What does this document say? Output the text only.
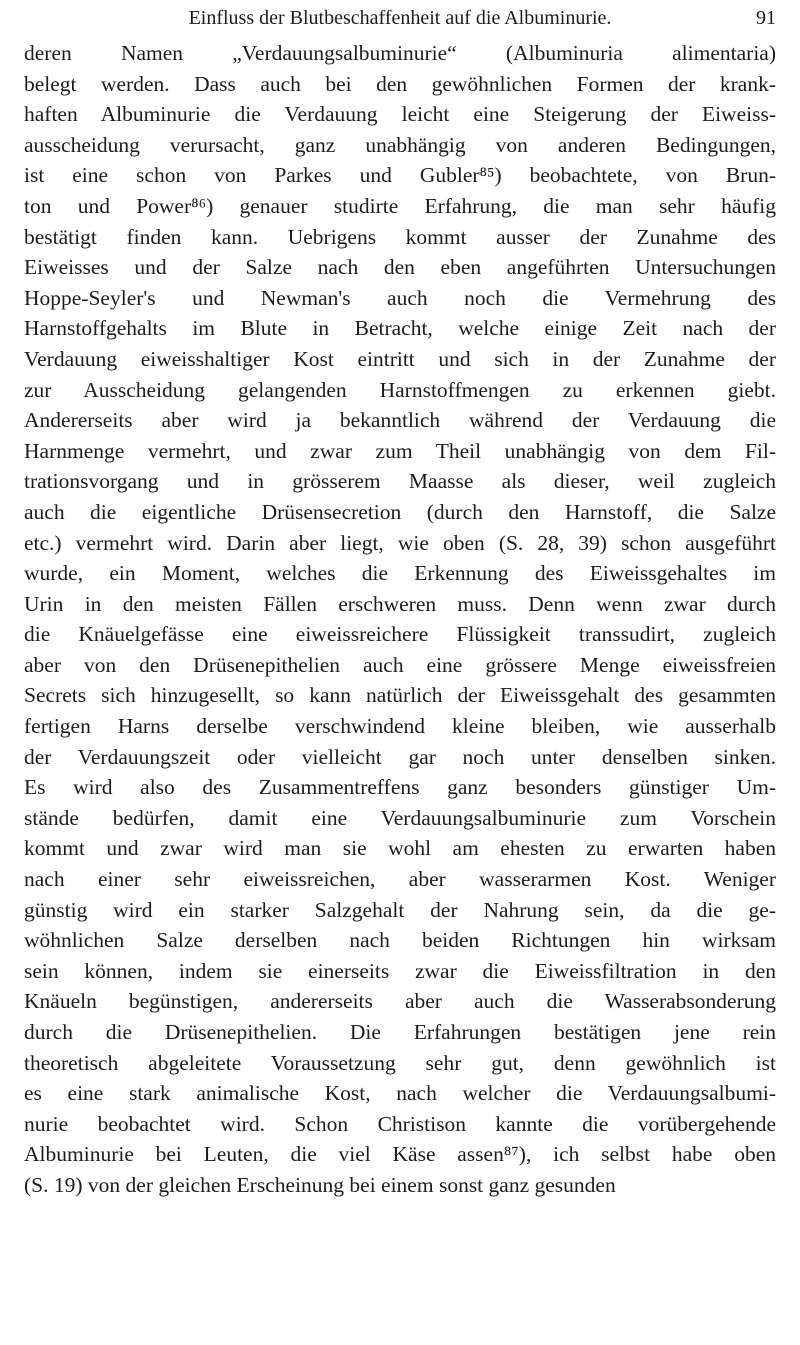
Einfluss der Blutbeschaffenheit auf die Albuminurie.	91
deren Namen „Verdauungsalbuminurie“ (Albuminuria alimentaria)
belegt werden. Dass auch bei den gewöhnlichen Formen der krank-
haften Albuminurie die Verdauung leicht eine Steigerung der Eiweiss-
ausscheidung verursacht, ganz unabhängig von anderen Bedingungen,
ist eine schon von Parkes und Gubler⁸⁵) beobachtete, von Brun-
ton und Power⁸⁶) genauer studirte Erfahrung, die man sehr häufig
bestätigt finden kann. Uebrigens kommt ausser der Zunahme des
Eiweisses und der Salze nach den eben angeführten Untersuchungen
Hoppe-Seyler's und Newman's auch noch die Vermehrung des
Harnstoffgehalts im Blute in Betracht, welche einige Zeit nach der
Verdauung eiweisshaltiger Kost eintritt und sich in der Zunahme der
zur Ausscheidung gelangenden Harnstoffmengen zu erkennen giebt.
Andererseits aber wird ja bekanntlich während der Verdauung die
Harnmenge vermehrt, und zwar zum Theil unabhängig von dem Fil-
trationsvorgang und in grösserem Maasse als dieser, weil zugleich
auch die eigentliche Drüsensecretion (durch den Harnstoff, die Salze
etc.) vermehrt wird. Darin aber liegt, wie oben (S. 28, 39) schon ausgeführt
wurde, ein Moment, welches die Erkennung des Eiweissgehaltes im
Urin in den meisten Fällen erschweren muss. Denn wenn zwar durch
die Knäuelgefässe eine eiweissreichere Flüssigkeit transsudirt, zugleich
aber von den Drüsenepithelien auch eine grössere Menge eiweissfreien
Secrets sich hinzugesellt, so kann natürlich der Eiweissgehalt des gesammten
fertigen Harns derselbe verschwindend kleine bleiben, wie ausserhalb
der Verdauungszeit oder vielleicht gar noch unter denselben sinken.
Es wird also des Zusammentreffens ganz besonders günstiger Um-
stände bedürfen, damit eine Verdauungsalbuminurie zum Vorschein
kommt und zwar wird man sie wohl am ehesten zu erwarten haben
nach einer sehr eiweissreichen, aber wasserarmen Kost. Weniger
günstig wird ein starker Salzgehalt der Nahrung sein, da die ge-
wöhnlichen Salze derselben nach beiden Richtungen hin wirksam
sein können, indem sie einerseits zwar die Eiweissfiltration in den
Knäueln begünstigen, andererseits aber auch die Wasserabsonderung
durch die Drüsenepithelien. Die Erfahrungen bestätigen jene rein
theoretisch abgeleitete Voraussetzung sehr gut, denn gewöhnlich ist
es eine stark animalische Kost, nach welcher die Verdauungsalbumi-
nurie beobachtet wird. Schon Christison kannte die vorübergehende
Albuminurie bei Leuten, die viel Käse assen⁸⁷), ich selbst habe oben
(S. 19) von der gleichen Erscheinung bei einem sonst ganz gesunden
